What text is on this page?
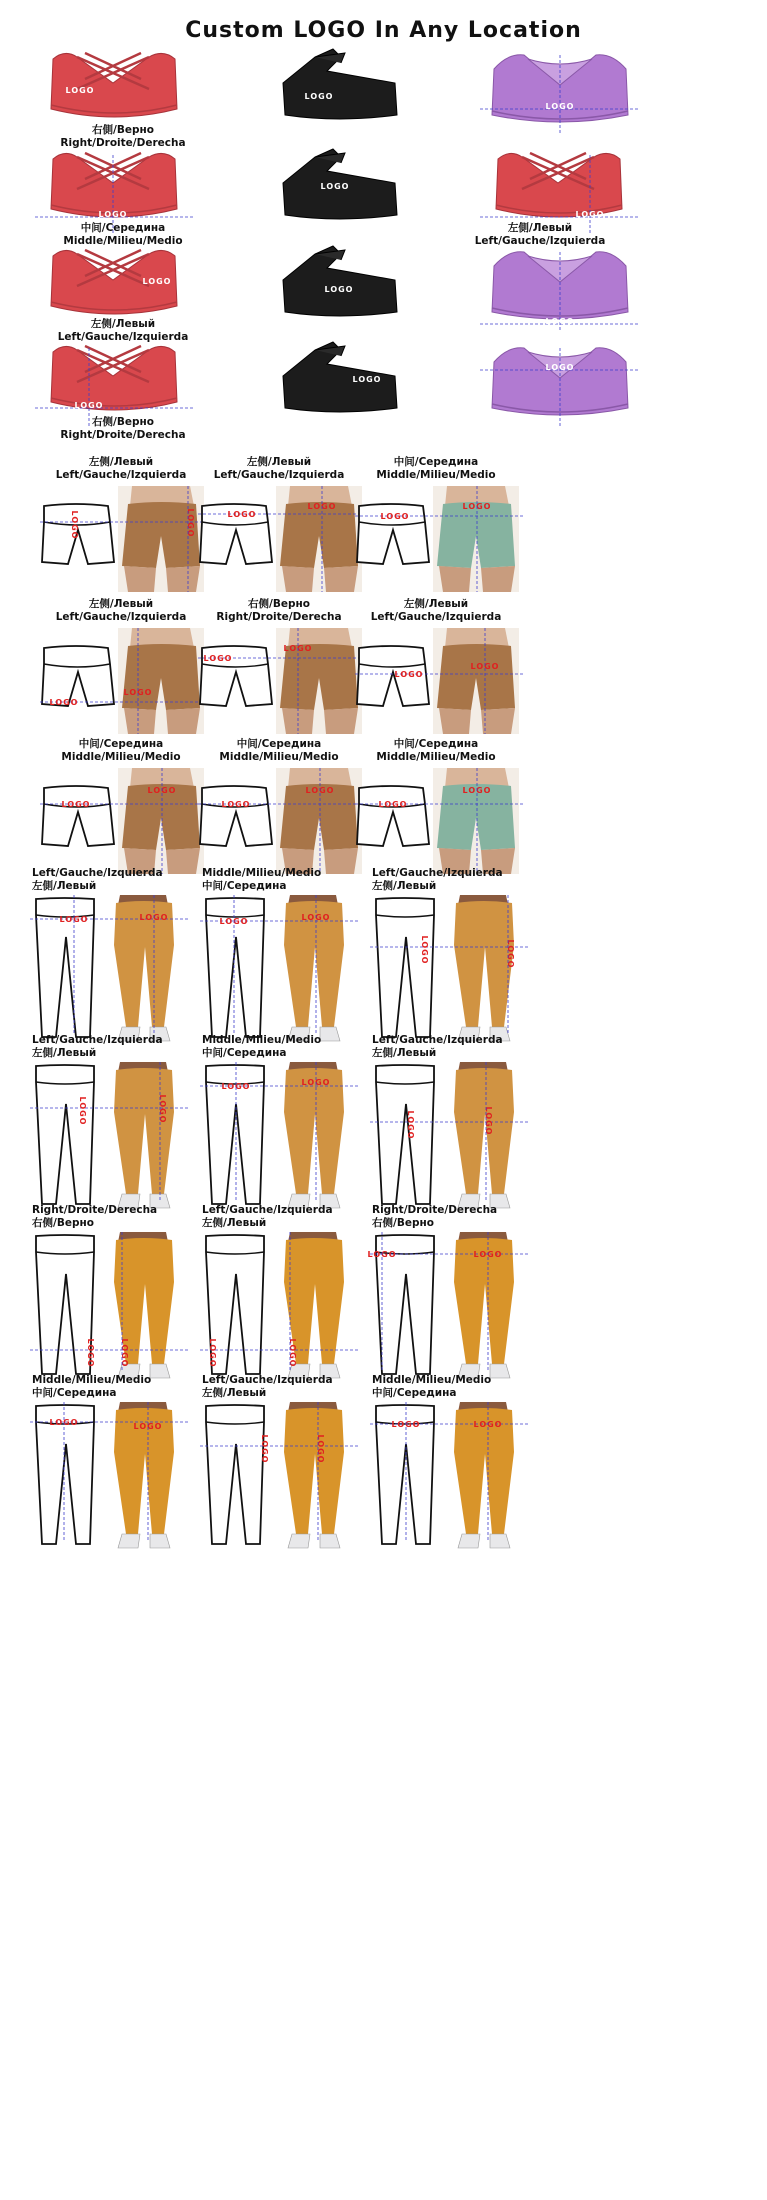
Custom LOGO In Any Location
LOGO
LOGO
LOGO
LOGO
LOGO
LOGO
LOGO
LOGO
LOGO
LOGO
LOGO
LOGO
右側/Верно
Right/Droite/Derecha
中间/Середина
Middle/Milieu/Medio
左側/Левый
Left/Gauche/Izquierda
左侧/Левый
Left/Gauche/Izquierda
右侧/Верно
Right/Droite/Derecha
左侧/Левый
Left/Gauche/Izquierda
LOGO	LOGO
左侧/Левый
Left/Gauche/Izquierda
LOGO
LOGO
中间/Середина
Middle/Milieu/Medio
LOGO
LOGO
左侧/Левый
Left/Gauche/Izquierda
LOGO
LOGO
右侧/Верно
Right/Droite/Derecha
LOGO
LOGO
左侧/Левый
Left/Gauche/Izquierda
LOGO
LOGO
中间/Середина
Middle/Milieu/Medio
LOGO
LOGO
中间/Середина
Middle/Milieu/Medio
LOGO
LOGO
中间/Середина
Middle/Milieu/Medio
LOGO
LOGO
Left/Gauche/Izquierda
左側/Левый
LOGO	LOGO
Middle/Milieu/Medio
中间/Середина
LOGO	LOGO
Left/Gauche/Izquierda
左侧/Левый
LOGO	LOGO
Left/Gauche/Izquierda
左側/Левый
LOGO	LOGO
Middle/Milieu/Medio
中间/Середина
LOGO	LOGO
Left/Gauche/Izquierda
左側/Левый
LOGO	LOGO
Right/Droite/Derecha
右侧/Верно
LOGO	LOGO
Left/Gauche/Izquierda
左侧/Левый
LOGO	LOGO
Right/Droite/Derecha
右侧/Верно
LOGO	LOGO
Middle/Milieu/Medio
中间/Середина
LOGO	LOGO
Left/Gauche/Izquierda
左侧/Левый
LOGO	LOGO
Middle/Milieu/Medio
中间/Середина
LOGO	LOGO
